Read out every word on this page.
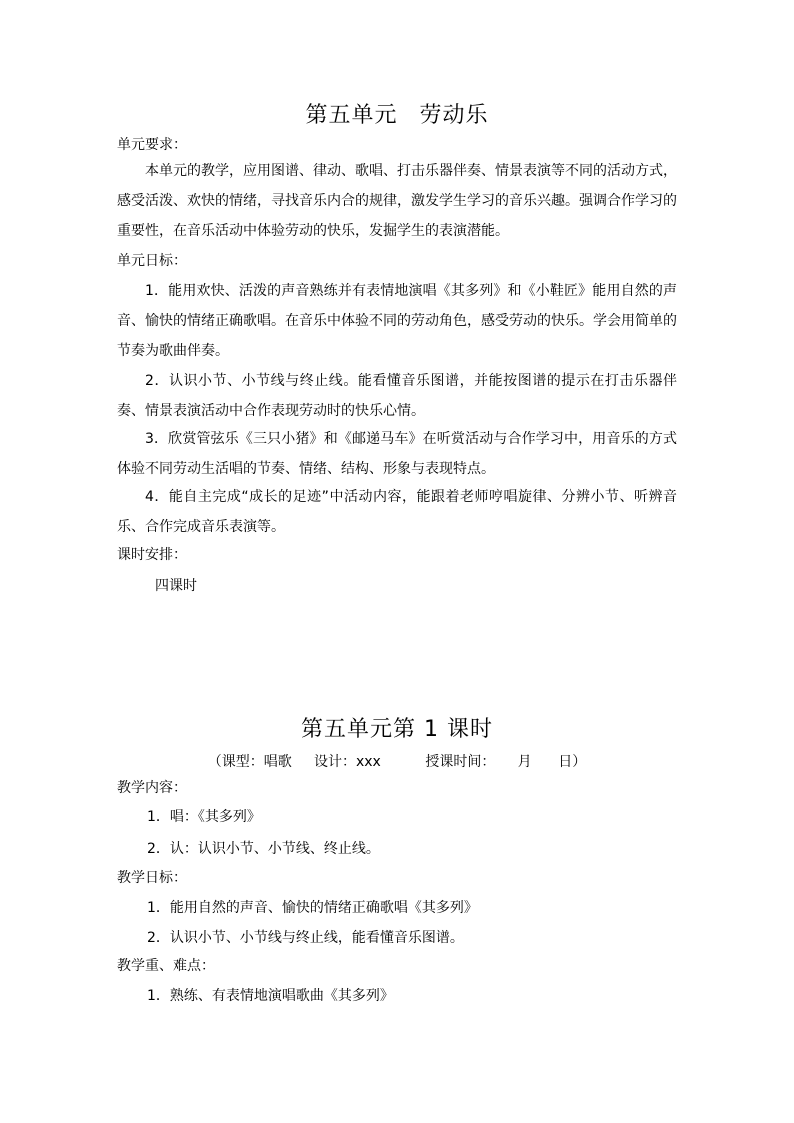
第五单元 劳动乐
单元要求：
本单元的教学，应用图谱、律动、歌唱、打击乐器伴奏、情景表演等不同的活动方式，感受活泼、欢快的情绪，寻找音乐内合的规律，激发学生学习的音乐兴趣。强调合作学习的重要性，在音乐活动中体验劳动的快乐，发掘学生的表演潜能。
单元日标：
1．能用欢快、活泼的声音熟练并有表情地演唱《其多列》和《小鞋匠》能用自然的声音、愉快的情绪正确歌唱。在音乐中体验不同的劳动角色，感受劳动的快乐。学会用简单的节奏为歌曲伴奏。
2．认识小节、小节线与终止线。能看懂音乐图谱，并能按图谱的提示在打击乐器伴奏、情景表演活动中合作表现劳动时的快乐心情。
3．欣赏管弦乐《三只小猪》和《邮递马车》在听赏活动与合作学习中，用音乐的方式体验不同劳动生活唱的节奏、情绪、结构、形象与表现特点。
4．能自主完成“成长的足迹”中活动内容，能跟着老师哼唱旋律、分辨小节、听辨音乐、合作完成音乐表演等。
课时安排：
四课时
第五单元第 1 课时
（课型：唱歌     设计：xxx          授课时间：     月      日）
教学内容：
1．唱：《其多列》
2．认：认识小节、小节线、终止线。
教学日标：
1．能用自然的声音、愉快的情绪正确歌唱《其多列》
2．认识小节、小节线与终止线，能看懂音乐图谱。
教学重、难点：
1．熟练、有表情地演唱歌曲《其多列》
